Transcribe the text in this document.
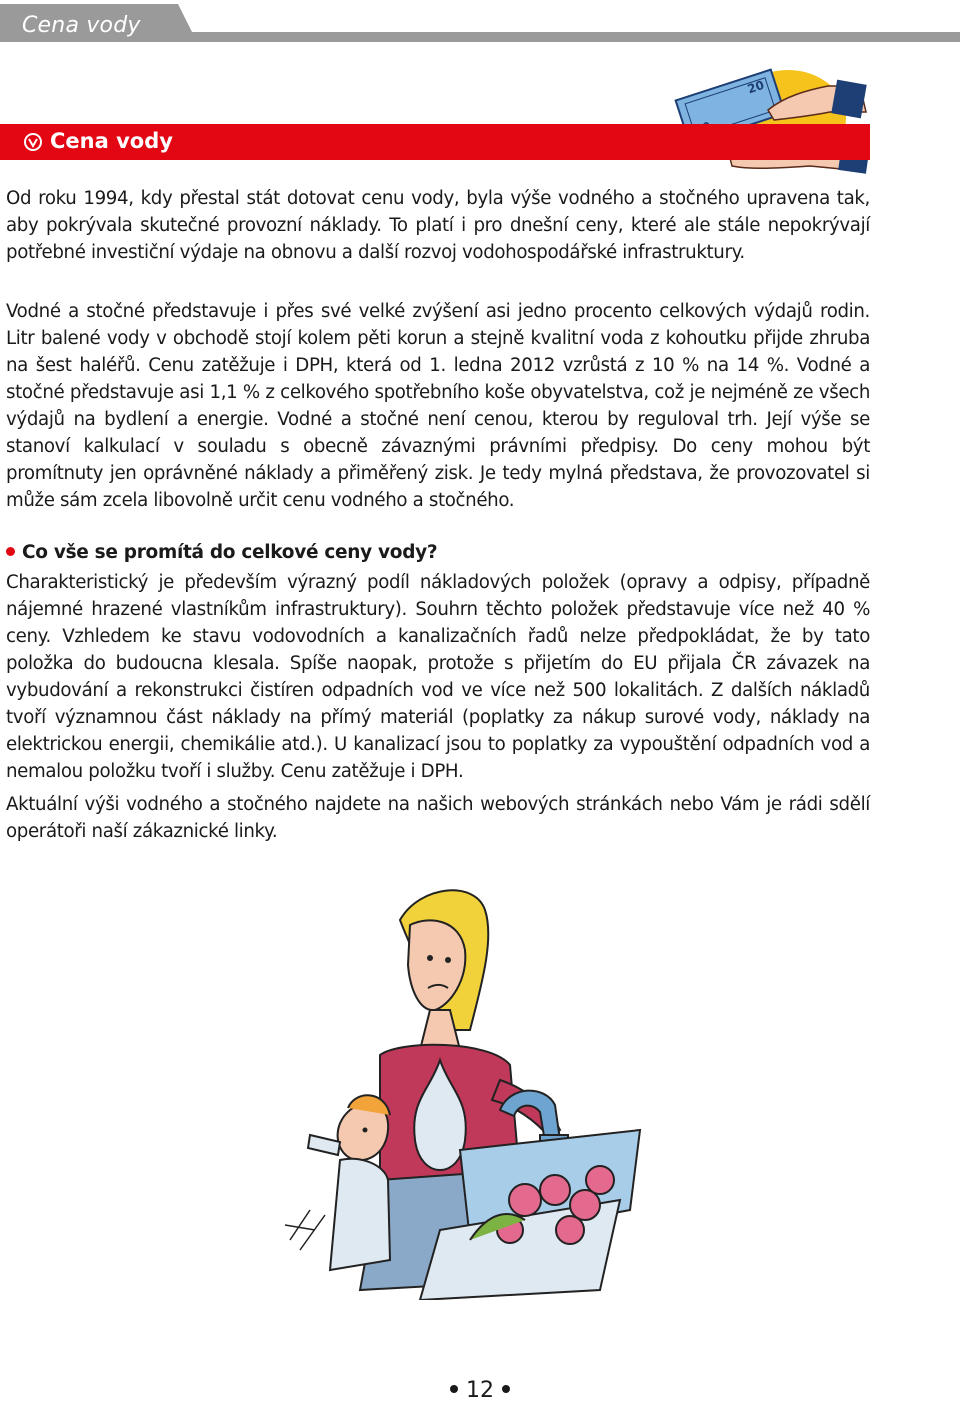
Cena vody
20
Cena vody

Od roku 1994, kdy přestal stát dotovat cenu vody, byla výše vodného a stočného upravena tak, aby pokrývala skutečné provozní náklady. To platí i pro dnešní ceny, které ale stále nepokrývají potřebné investiční výdaje na obnovu a další rozvoj vodohospodářské infrastruktury.

Vodné a stočné představuje i přes své velké zvýšení asi jedno procento celkových výdajů rodin. Litr balené vody v obchodě stojí kolem pěti korun a stejně kvalitní voda z kohoutku přijde zhruba na šest haléřů. Cenu zatěžuje i DPH, která od 1. ledna 2012 vzrůstá z 10 % na 14 %. Vodné a stočné představuje asi 1,1 % z celkového spotřebního koše obyvatelstva, což je nejméně ze všech výdajů na bydlení a energie. Vodné a stočné není cenou, kterou by reguloval trh. Její výše se stanoví kalkulací v souladu s obecně závaznými právními předpisy. Do ceny mohou být promítnuty jen oprávněné náklady a přiměřený zisk. Je tedy mylná představa, že provozovatel si může sám zcela libovolně určit cenu vodného a stočného.

Co vše se promítá do celkové ceny vody?

Charakteristický je především výrazný podíl nákladových položek (opravy a odpisy, případně nájemné hrazené vlastníkům infrastruktury). Souhrn těchto položek představuje více než 40 % ceny. Vzhledem ke stavu vodovodních a kanalizačních řadů nelze předpokládat, že by tato položka do budoucna klesala. Spíše naopak, protože s přijetím do EU přijala ČR závazek na vybudování a rekonstrukci čistíren odpadních vod ve více než 500 lokalitách. Z dalších nákladů tvoří významnou část náklady na přímý materiál (poplatky za nákup surové vody, náklady na elektrickou energii, chemikálie atd.). U kanalizací jsou to poplatky za vypouštění odpadních vod a nemalou položku tvoří i služby. Cenu zatěžuje i DPH.

Aktuální výši vodného a stočného najdete na našich webových stránkách nebo Vám je rádi sdělí operátoři naší zákaznické linky.

12
